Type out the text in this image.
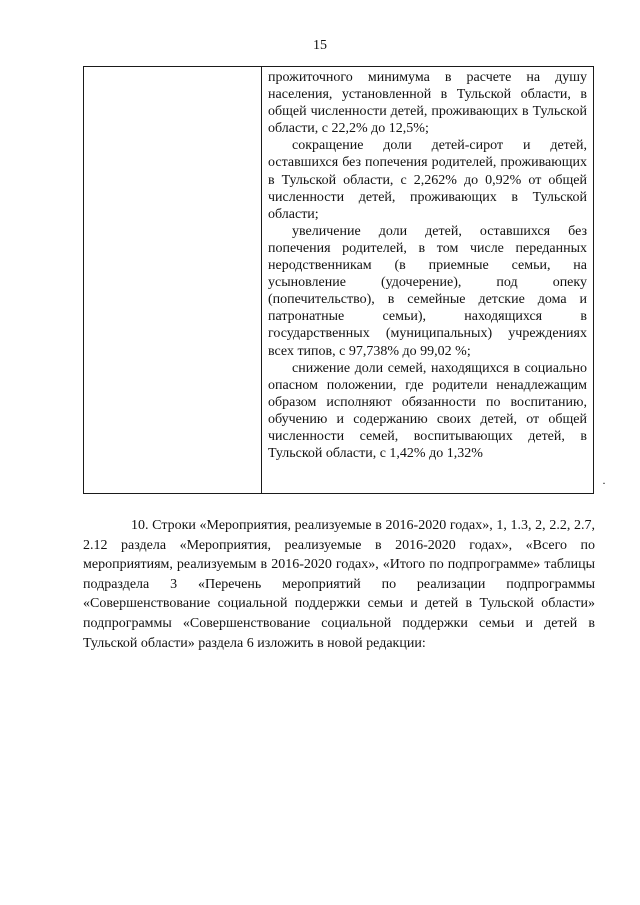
15

прожиточного минимума в расчете на душу населения, установленной в Тульской области, в общей численности детей, проживающих в Тульской области, с 22,2% до 12,5%;

сокращение доли детей-сирот и детей, оставшихся без попечения родителей, проживающих в Тульской области, с 2,262% до 0,92% от общей численности детей, проживающих в Тульской области;

увеличение доли детей, оставшихся без попечения родителей, в том числе переданных неродственникам (в приемные семьи, на усыновление (удочерение), под опеку (попечительство), в семейные детские дома и патронатные семьи), находящихся в государственных (муниципальных) учреждениях всех типов, с 97,738% до 99,02 %;

снижение доли семей, находящихся в социально опасном положении, где родители ненадлежащим образом исполняют обязанности по воспитанию, обучению и содержанию своих детей, от общей численности семей, воспитывающих детей, в Тульской области, с 1,42% до 1,32%

·

10. Строки «Мероприятия, реализуемые в 2016-2020 годах», 1, 1.3, 2, 2.2, 2.7, 2.12 раздела «Мероприятия, реализуемые в 2016-2020 годах», «Всего по мероприятиям, реализуемым в 2016-2020 годах», «Итого по подпрограмме» таблицы подраздела 3 «Перечень мероприятий по реализации подпрограммы «Совершенствование социальной поддержки семьи и детей в Тульской области» подпрограммы «Совершенствование социальной поддержки семьи и детей в Тульской области» раздела 6 изложить в новой редакции:
